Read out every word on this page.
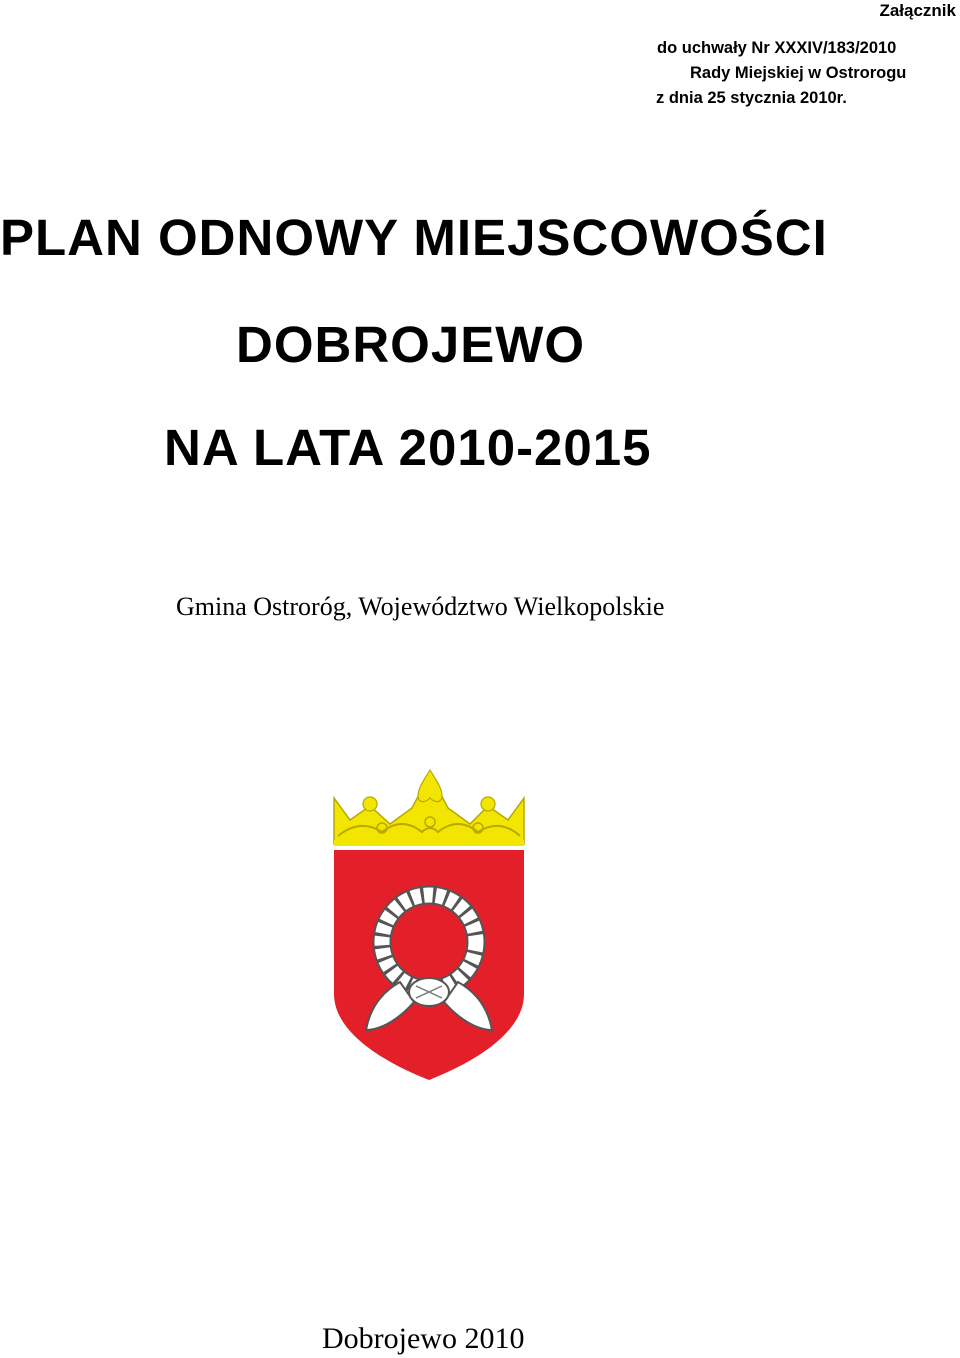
Załącznik
do uchwały Nr XXXIV/183/2010
Rady Miejskiej w Ostrorogu
z dnia 25 stycznia 2010r.
PLAN ODNOWY MIEJSCOWOŚCI
DOBROJEWO
NA LATA 2010-2015
Gmina Ostroróg, Województwo Wielkopolskie
Dobrojewo 2010
